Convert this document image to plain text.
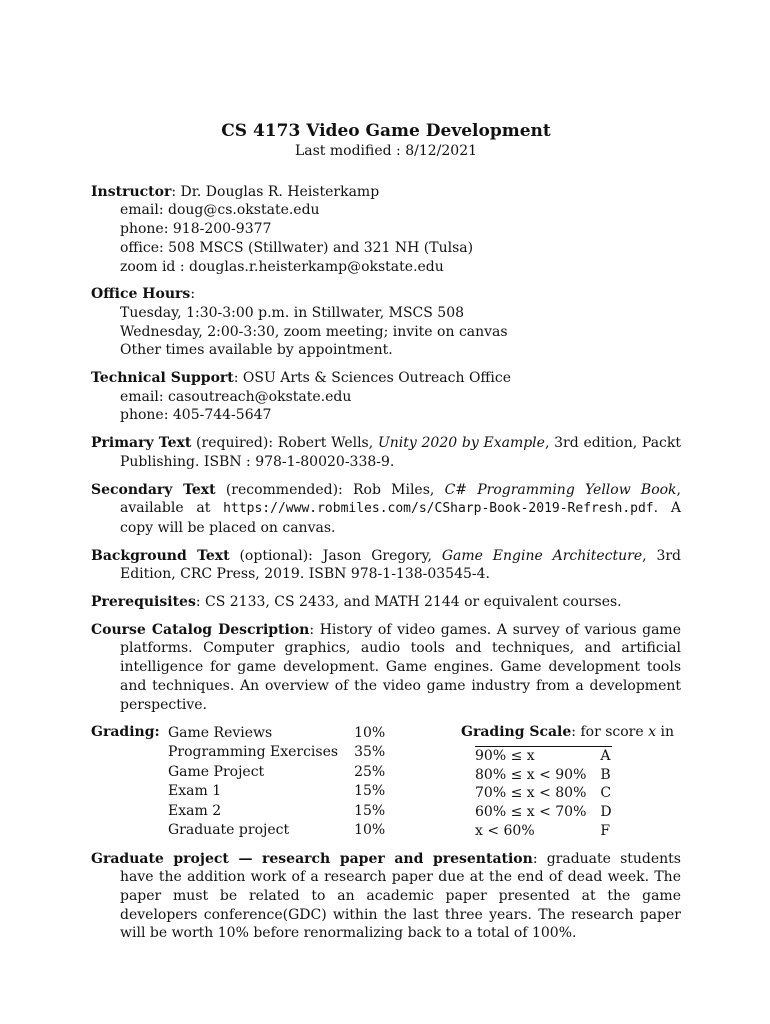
CS 4173 Video Game Development
Last modified : 8/12/2021

Instructor: Dr. Douglas R. Heisterkamp

email: doug@cs.okstate.edu

phone: 918-200-9377

office: 508 MSCS (Stillwater) and 321 NH (Tulsa)

zoom id : douglas.r.heisterkamp@okstate.edu

Office Hours:

Tuesday, 1:30-3:00 p.m. in Stillwater, MSCS 508

Wednesday, 2:00-3:30, zoom meeting; invite on canvas

Other times available by appointment.

Technical Support: OSU Arts & Sciences Outreach Office

email: casoutreach@okstate.edu

phone: 405-744-5647

Primary Text (required): Robert Wells, Unity 2020 by Example, 3rd edition, Packt Publishing. ISBN : 978-1-80020-338-9.

Secondary Text (recommended): Rob Miles, C# Programming Yellow Book, available at https://www.robmiles.com/s/CSharp-Book-2019-Refresh.pdf. A copy will be placed on canvas.

Background Text (optional): Jason Gregory, Game Engine Architecture, 3rd Edition, CRC Press, 2019. ISBN 978-1-138-03545-4.

Prerequisites: CS 2133, CS 2433, and MATH 2144 or equivalent courses.

Course Catalog Description: History of video games. A survey of various game platforms. Computer graphics, audio tools and techniques, and artificial intelligence for game development. Game engines. Game development tools and techniques. An overview of the video game industry from a development perspective.

Grading: Game Reviews	10%
Programming Exercises	35%
Game Project	25%
Exam 1	15%
Exam 2	15%
Graduate project	10%
Grading Scale: for score x in
90% ≤ x	A
80% ≤ x < 90%	B
70% ≤ x < 80%	C
60% ≤ x < 70%	D
x < 60%	F

Graduate project — research paper and presentation: graduate students have the addition work of a research paper due at the end of dead week. The paper must be related to an academic paper presented at the game developers conference(GDC) within the last three years. The research paper will be worth 10% before renormalizing back to a total of 100%.
